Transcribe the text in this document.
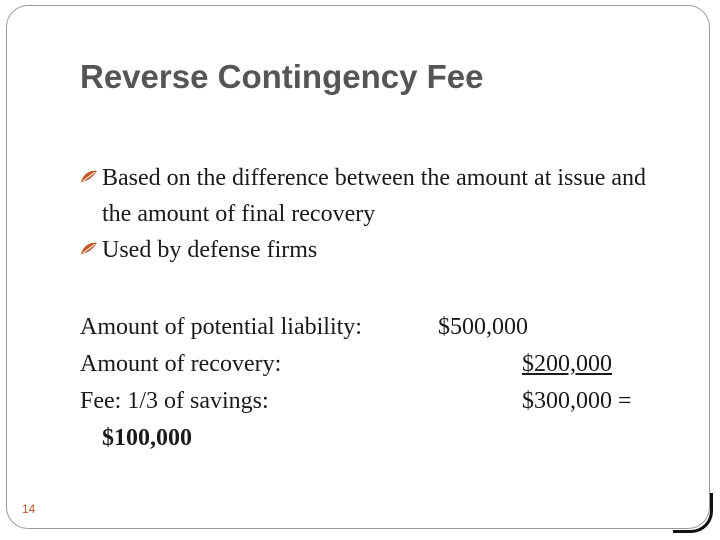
Reverse Contingency Fee
Based on the difference between the amount at issue and the amount of final recovery
Used by defense firms
Amount of potential liability:	$500,000
Amount of recovery:	$200,000
Fee: 1/3 of savings:	$300,000 =
$100,000
14
